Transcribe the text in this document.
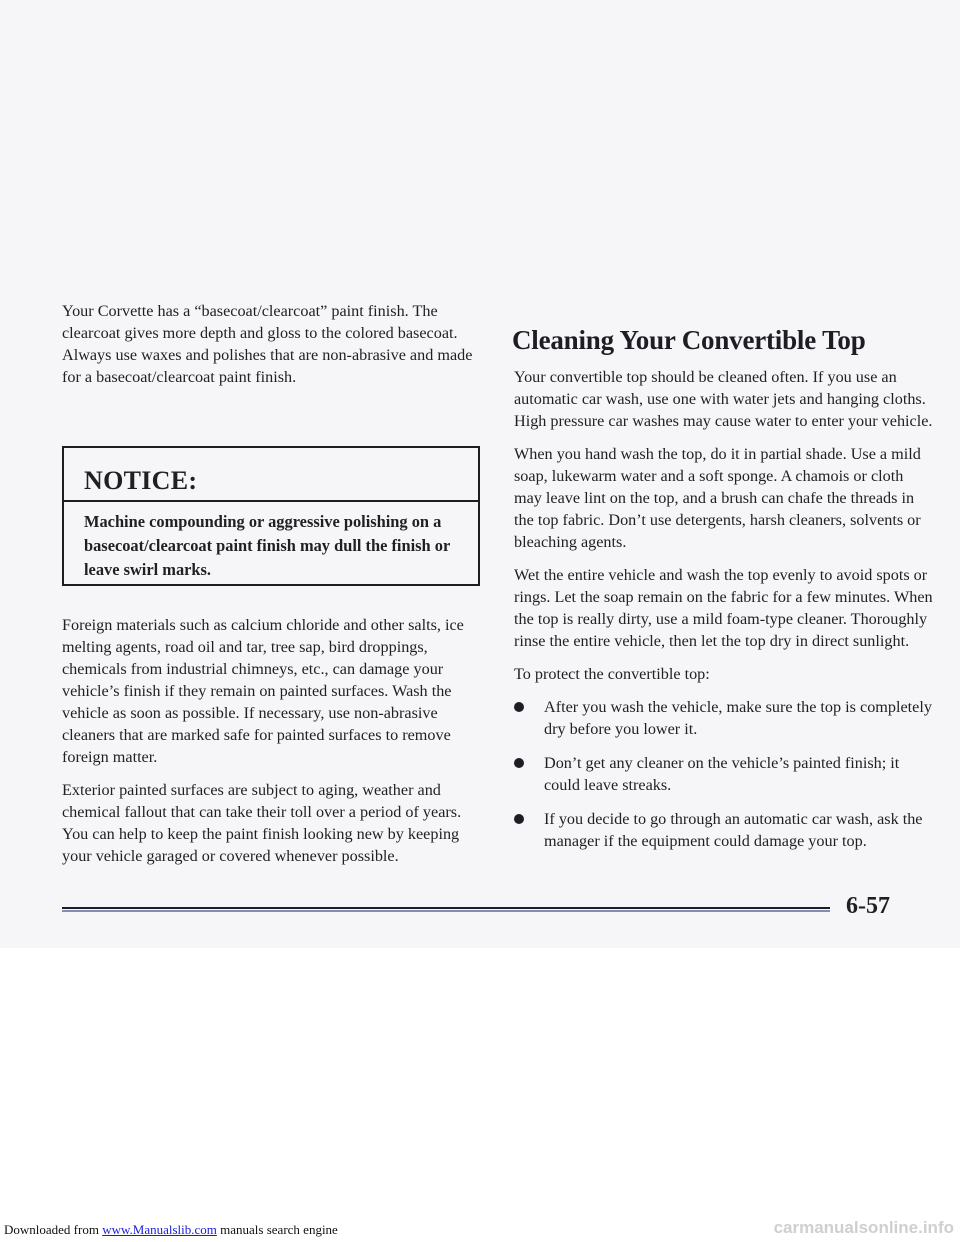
Your Corvette has a “basecoat/clearcoat” paint finish. The clearcoat gives more depth and gloss to the colored basecoat. Always use waxes and polishes that are non-abrasive and made for a basecoat/clearcoat paint finish.

NOTICE:
Machine compounding or aggressive polishing on a basecoat/clearcoat paint finish may dull the finish or leave swirl marks.

Foreign materials such as calcium chloride and other salts, ice melting agents, road oil and tar, tree sap, bird droppings, chemicals from industrial chimneys, etc., can damage your vehicle’s finish if they remain on painted surfaces. Wash the vehicle as soon as possible. If necessary, use non-abrasive cleaners that are marked safe for painted surfaces to remove foreign matter.

Exterior painted surfaces are subject to aging, weather and chemical fallout that can take their toll over a period of years. You can help to keep the paint finish looking new by keeping your vehicle garaged or covered whenever possible.

Cleaning Your Convertible Top

Your convertible top should be cleaned often. If you use an automatic car wash, use one with water jets and hanging cloths. High pressure car washes may cause water to enter your vehicle.

When you hand wash the top, do it in partial shade. Use a mild soap, lukewarm water and a soft sponge. A chamois or cloth may leave lint on the top, and a brush can chafe the threads in the top fabric. Don’t use detergents, harsh cleaners, solvents or bleaching agents.

Wet the entire vehicle and wash the top evenly to avoid spots or rings. Let the soap remain on the fabric for a few minutes. When the top is really dirty, use a mild foam-type cleaner. Thoroughly rinse the entire vehicle, then let the top dry in direct sunlight.

To protect the convertible top:

After you wash the vehicle, make sure the top is completely dry before you lower it.
Don’t get any cleaner on the vehicle’s painted finish; it could leave streaks.
If you decide to go through an automatic car wash, ask the manager if the equipment could damage your top.
6-57
Downloaded from www.Manualslib.com manuals search engine	carmanualsonline.info
